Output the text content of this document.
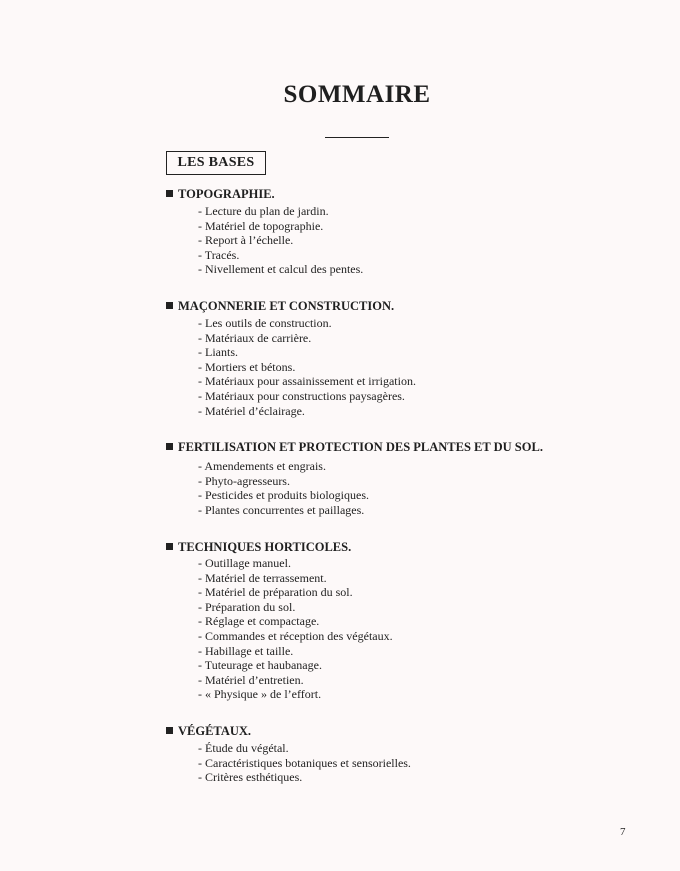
SOMMAIRE
LES BASES
TOPOGRAPHIE.
- Lecture du plan de jardin.
- Matériel de topographie.
- Report à l’échelle.
- Tracés.
- Nivellement et calcul des pentes.
MAÇONNERIE ET CONSTRUCTION.
- Les outils de construction.
- Matériaux de carrière.
- Liants.
- Mortiers et bétons.
- Matériaux pour assainissement et irrigation.
- Matériaux pour constructions paysagères.
- Matériel d’éclairage.
FERTILISATION ET PROTECTION DES PLANTES ET DU SOL.
- Amendements et engrais.
- Phyto-agresseurs.
- Pesticides et produits biologiques.
- Plantes concurrentes et paillages.
TECHNIQUES HORTICOLES.
- Outillage manuel.
- Matériel de terrassement.
- Matériel de préparation du sol.
- Préparation du sol.
- Réglage et compactage.
- Commandes et réception des végétaux.
- Habillage et taille.
- Tuteurage et haubanage.
- Matériel d’entretien.
- « Physique » de l’effort.
VÉGÉTAUX.
- Étude du végétal.
- Caractéristiques botaniques et sensorielles.
- Critères esthétiques.
7
